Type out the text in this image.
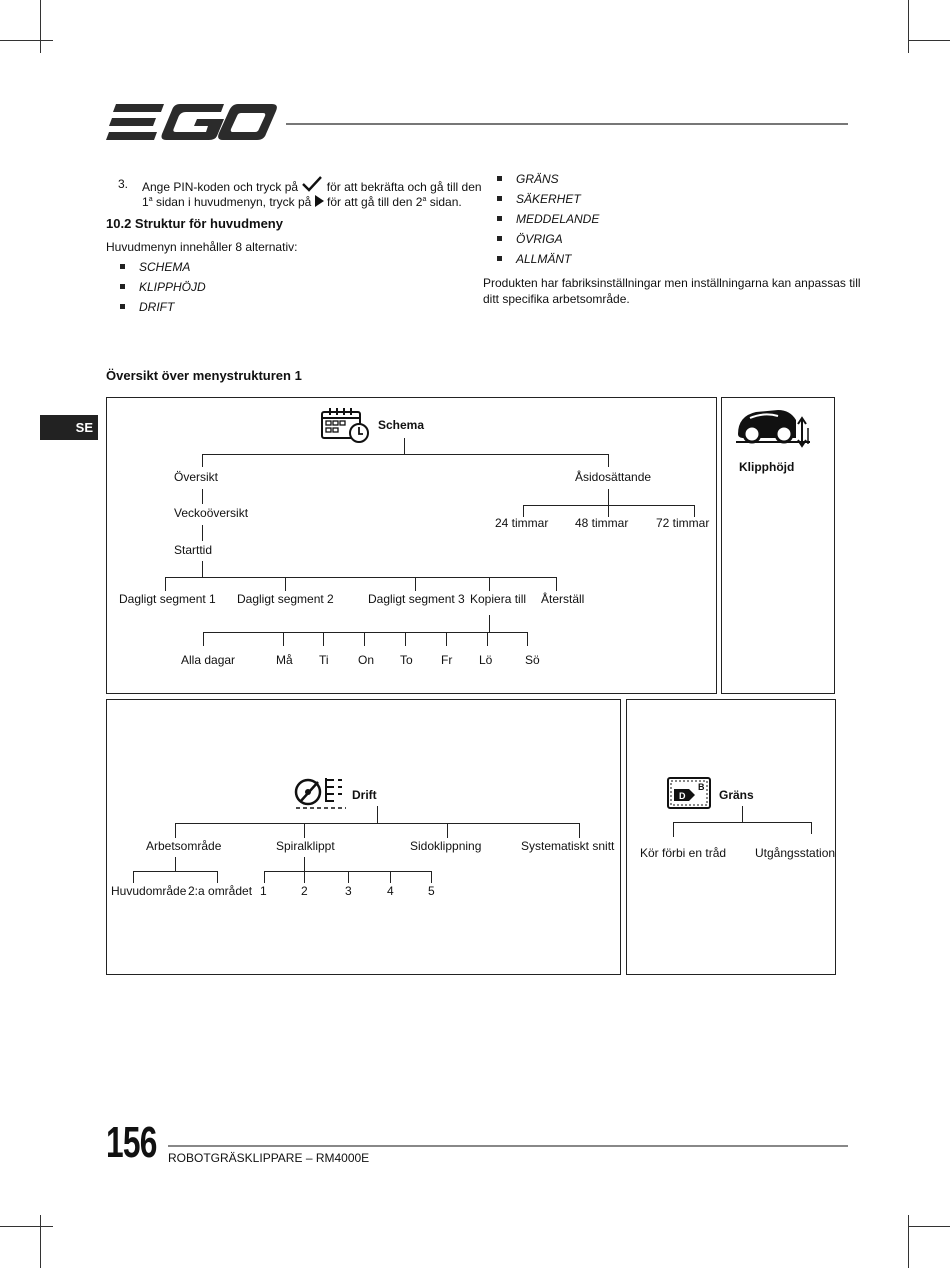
3. Ange PIN-koden och tryck på för att bekräfta och gå till den
1$^a$ sidan i huvudmenyn, tryck på för att gå till den 2$^a$ sidan.
10.2 Struktur för huvudmeny
Huvudmenyn innehåller 8 alternativ:
SCHEMA
KLIPPHÖJD
DRIFT
GRÄNS
SÄKERHET
MEDDELANDE
ÖVRIGA
ALLMÄNT
Produkten har fabriksinställningar men inställningarna kan anpassas till
ditt specifika arbetsområde.
Översikt över menystrukturen 1
SE	Schema
Översikt	Åsidosättande
Veckoöversikt
Starttid
24 timmar 48 timmar 72 timmar
Dagligt segment 1 Dagligt segment 2	Dagligt segment 3 Kopiera till Återställ
Alla dagar	Må Ti On To Fr Lö	Sö
Klipphöjd
Drift
Arbetsområde	Spiralklippt	Sidoklippning	Systematiskt snitt
Huvudområde 2:a området 1	2	3	4	5
D
B
Gräns
Kör förbi en tråd Utgångsstation
156 ROBOTGRÄSKLIPPARE – RM4000E
